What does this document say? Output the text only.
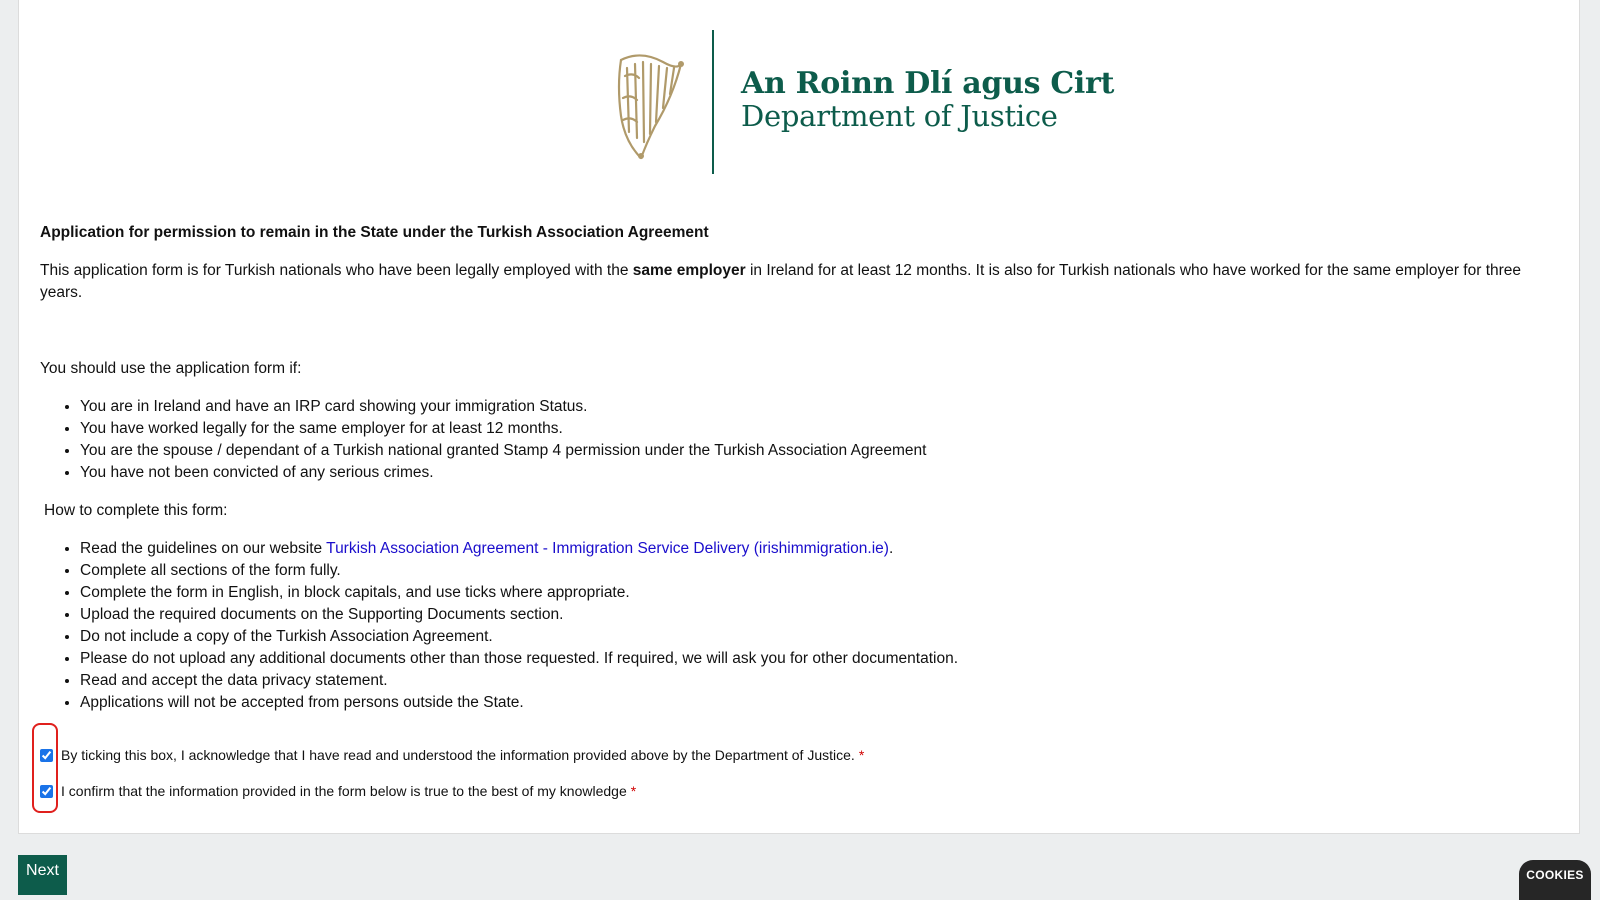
An Roinn Dlí agus Cirt
Department of Justice

Application for permission to remain in the State under the Turkish Association Agreement

This application form is for Turkish nationals who have been legally employed with the same employer in Ireland for at least 12 months. It is also for Turkish nationals who have worked for the same employer for three years.

You should use the application form if:

• You are in Ireland and have an IRP card showing your immigration Status.
• You have worked legally for the same employer for at least 12 months.
• You are the spouse / dependant of a Turkish national granted Stamp 4 permission under the Turkish Association Agreement
• You have not been convicted of any serious crimes.

How to complete this form:

• Read the guidelines on our website Turkish Association Agreement - Immigration Service Delivery (irishimmigration.ie).
• Complete all sections of the form fully.
• Complete the form in English, in block capitals, and use ticks where appropriate.
• Upload the required documents on the Supporting Documents section.
• Do not include a copy of the Turkish Association Agreement.
• Please do not upload any additional documents other than those requested. If required, we will ask you for other documentation.
• Read and accept the data privacy statement.
• Applications will not be accepted from persons outside the State.
By ticking this box, I acknowledge that I have read and understood the information provided above by the Department of Justice. *
I confirm that the information provided in the form below is true to the best of my knowledge *
Next	COOKIES
